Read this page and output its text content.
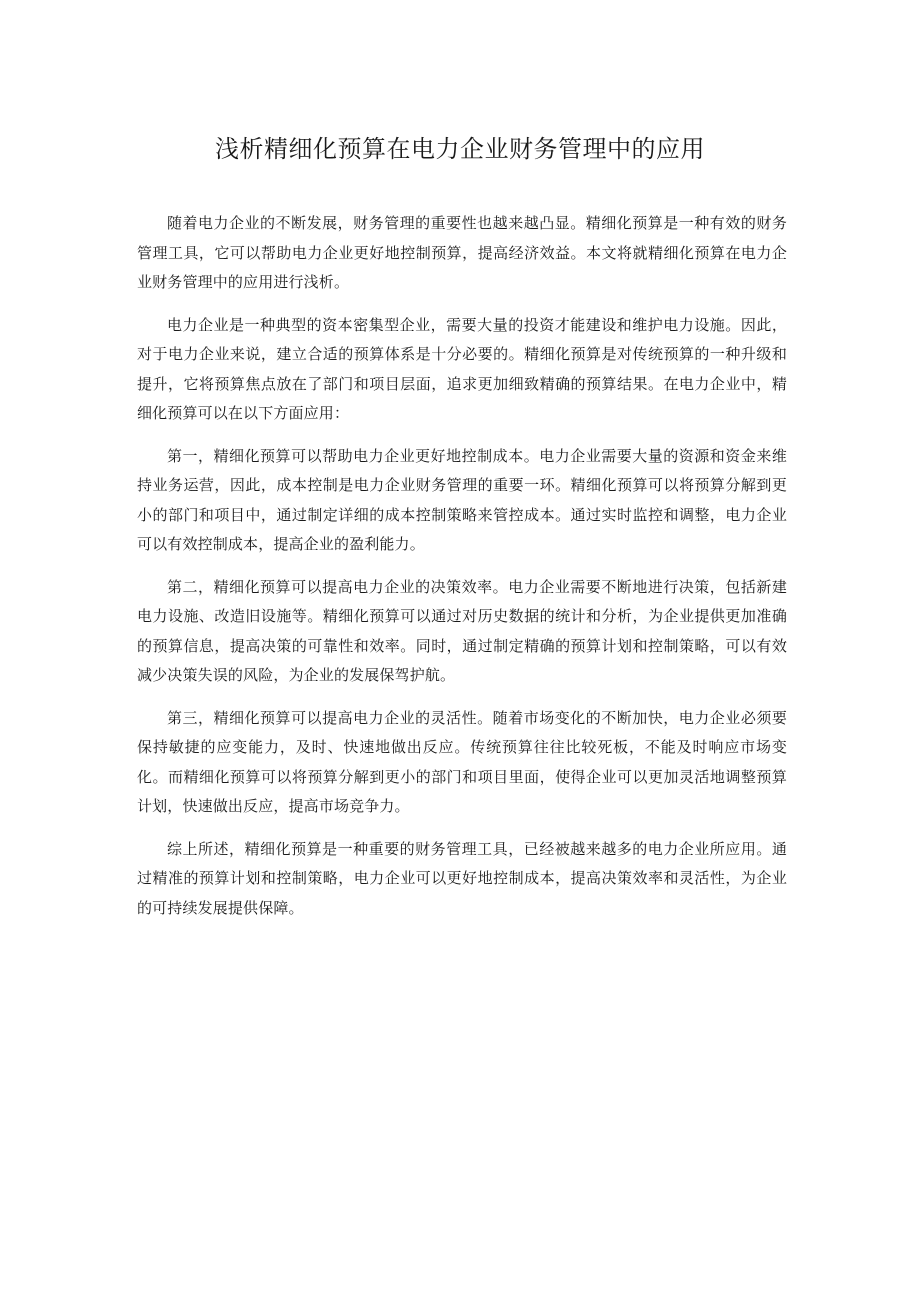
浅析精细化预算在电力企业财务管理中的应用

随着电力企业的不断发展，财务管理的重要性也越来越凸显。精细化预算是一种有效的财务管理工具，它可以帮助电力企业更好地控制预算，提高经济效益。本文将就精细化预算在电力企业财务管理中的应用进行浅析。

电力企业是一种典型的资本密集型企业，需要大量的投资才能建设和维护电力设施。因此，对于电力企业来说，建立合适的预算体系是十分必要的。精细化预算是对传统预算的一种升级和提升，它将预算焦点放在了部门和项目层面，追求更加细致精确的预算结果。在电力企业中，精细化预算可以在以下方面应用：

第一，精细化预算可以帮助电力企业更好地控制成本。电力企业需要大量的资源和资金来维持业务运营，因此，成本控制是电力企业财务管理的重要一环。精细化预算可以将预算分解到更小的部门和项目中，通过制定详细的成本控制策略来管控成本。通过实时监控和调整，电力企业可以有效控制成本，提高企业的盈利能力。

第二，精细化预算可以提高电力企业的决策效率。电力企业需要不断地进行决策，包括新建电力设施、改造旧设施等。精细化预算可以通过对历史数据的统计和分析，为企业提供更加准确的预算信息，提高决策的可靠性和效率。同时，通过制定精确的预算计划和控制策略，可以有效减少决策失误的风险，为企业的发展保驾护航。

第三，精细化预算可以提高电力企业的灵活性。随着市场变化的不断加快，电力企业必须要保持敏捷的应变能力，及时、快速地做出反应。传统预算往往比较死板，不能及时响应市场变化。而精细化预算可以将预算分解到更小的部门和项目里面，使得企业可以更加灵活地调整预算计划，快速做出反应，提高市场竞争力。

综上所述，精细化预算是一种重要的财务管理工具，已经被越来越多的电力企业所应用。通过精准的预算计划和控制策略，电力企业可以更好地控制成本，提高决策效率和灵活性，为企业的可持续发展提供保障。
